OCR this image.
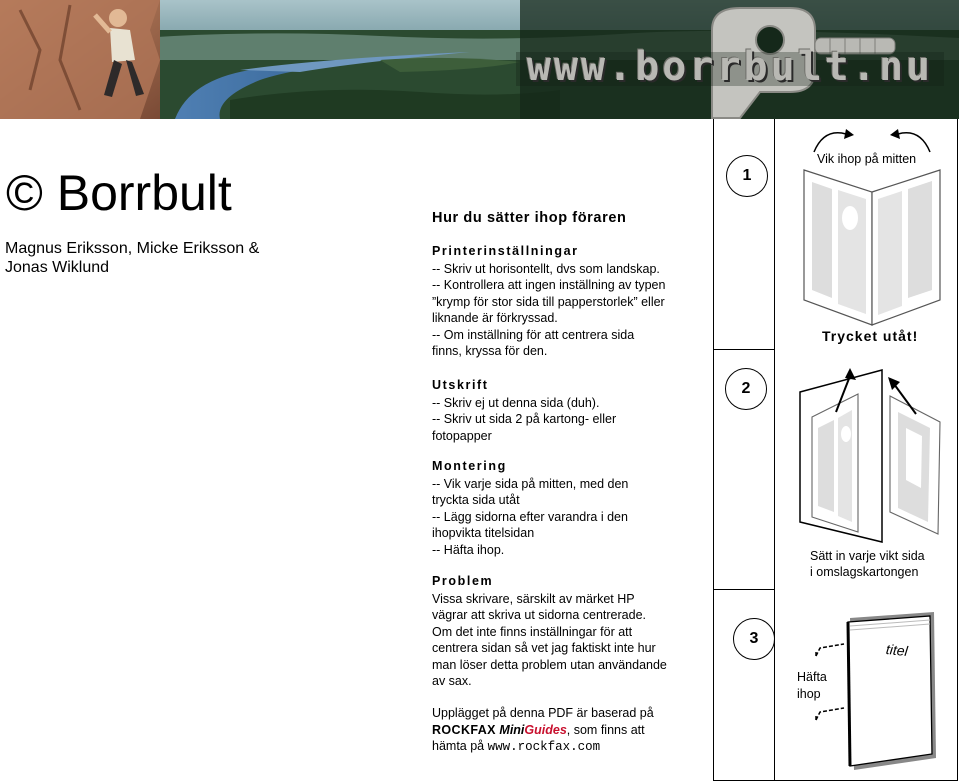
www.borrbult.nu
© Borrbult
Magnus Eriksson, Micke Eriksson & Jonas Wiklund
Hur du sätter ihop föraren
Printerinställningar
-- Skriv ut horisontellt, dvs som landskap.
-- Kontrollera att ingen inställning av typen
”krymp för stor sida till papperstorlek” eller
liknande är förkryssad.
-- Om inställning för att centrera sida
finns, kryssa för den.
Utskrift
-- Skriv ej ut denna sida (duh).
-- Skriv ut sida 2 på kartong- eller
fotopapper
Montering
-- Vik varje sida på mitten, med den
tryckta sida utåt
-- Lägg sidorna efter varandra i den
ihopvikta titelsidan
-- Häfta ihop.
Problem
Vissa skrivare, särskilt av märket HP
vägrar att skriva ut sidorna centrerade.
Om det inte finns inställningar för att
centrera sidan så vet jag faktiskt inte hur
man löser detta problem utan användande
av sax.
Upplägget på denna PDF är baserad på
ROCKFAX MiniGuides, som finns att
hämta på www.rockfax.com
1
2
3
Vik ihop på mitten
Trycket utåt!
Sätt in varje vikt sida
i omslagskartongen
titel
Häfta
ihop
